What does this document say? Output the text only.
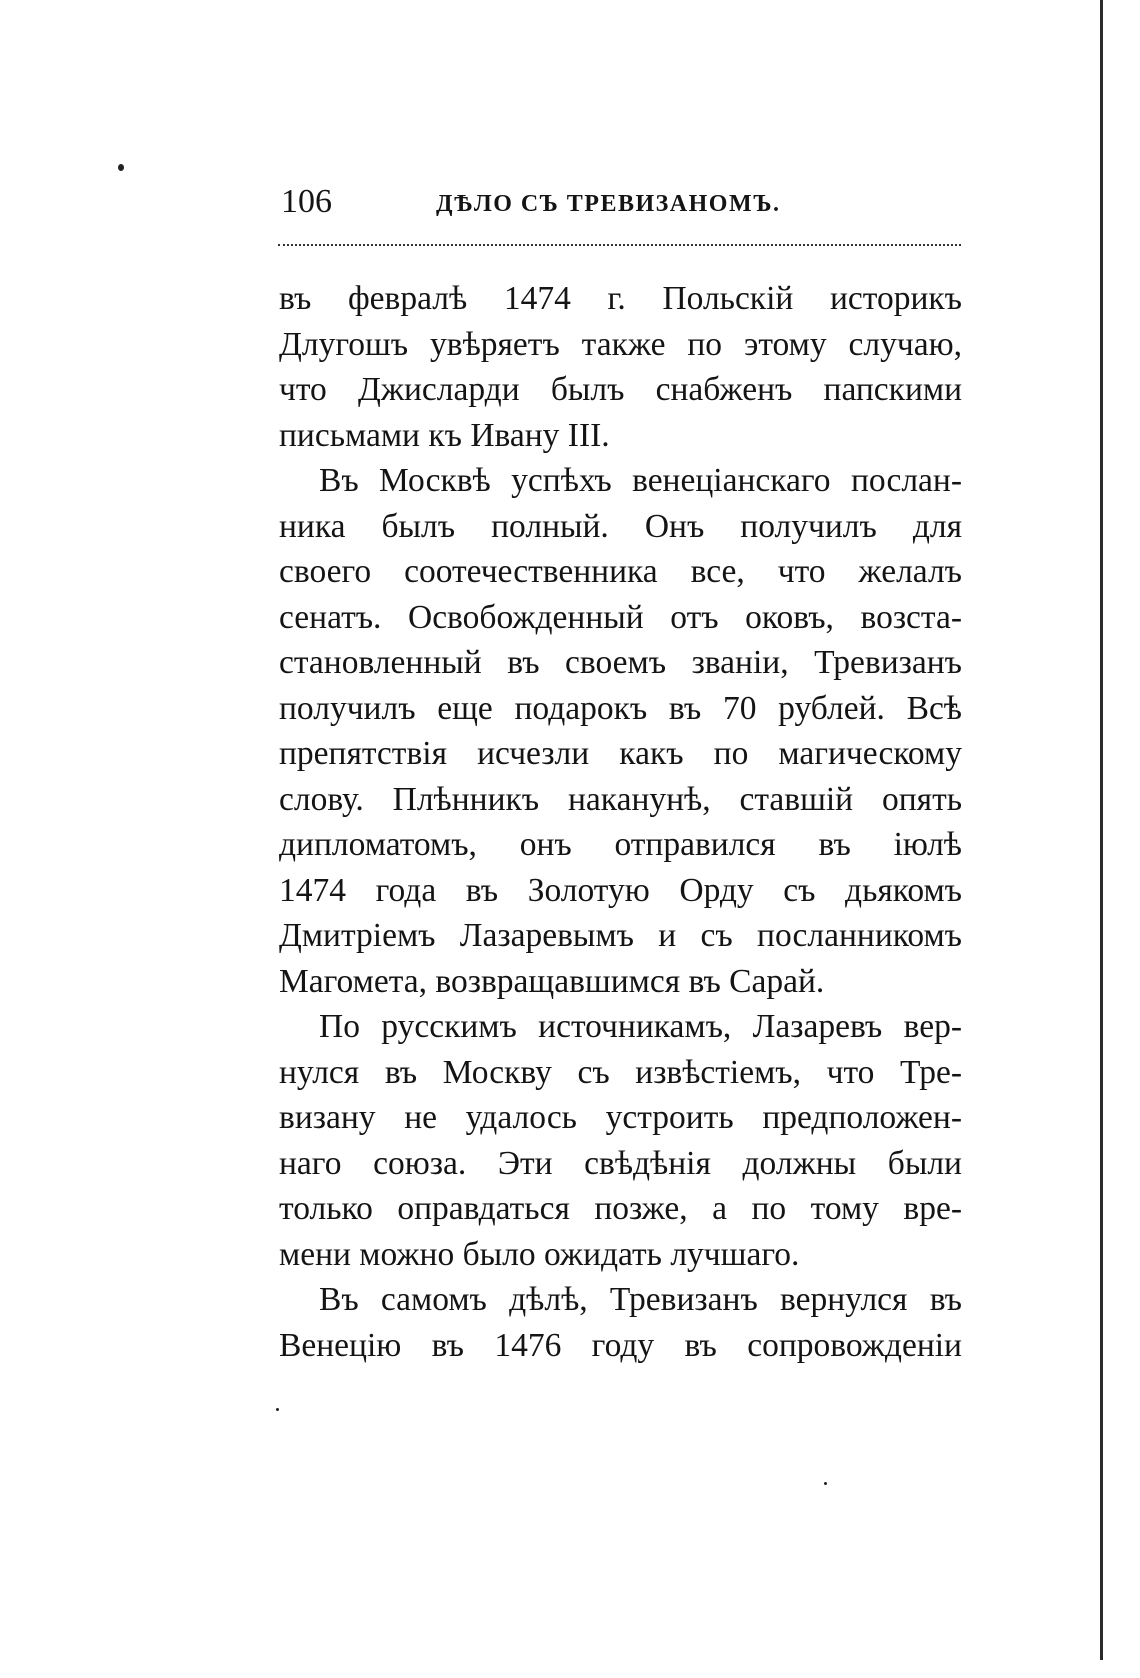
106	ДѢЛО СЪ ТРЕВИЗАНОМЪ.
въ февралѣ 1474 г. Польскій историкъ
Длугошъ увѣряетъ также по этому случаю,
что Джисларди былъ снабженъ папскими
письмами къ Ивану III.
Въ Москвѣ успѣхъ венеціанскаго послан-
ника былъ полный. Онъ получилъ для
своего соотечественника все, что желалъ
сенатъ. Освобожденный отъ оковъ, возста-
становленный въ своемъ званіи, Тревизанъ
получилъ еще подарокъ въ 70 рублей. Всѣ
препятствія исчезли какъ по магическому
слову. Плѣнникъ наканунѣ, ставшій опять
дипломатомъ, онъ отправился въ іюлѣ
1474 года въ Золотую Орду съ дьякомъ
Дмитріемъ Лазаревымъ и съ посланникомъ
Магомета, возвращавшимся въ Сарай.
По русскимъ источникамъ, Лазаревъ вер-
нулся въ Москву съ извѣстіемъ, что Тре-
визану не удалось устроить предположен-
наго союза. Эти свѣдѣнія должны были
только оправдаться позже, а по тому вре-
мени можно было ожидать лучшаго.
Въ самомъ дѣлѣ, Тревизанъ вернулся въ
Венецію въ 1476 году въ сопровожденіи
